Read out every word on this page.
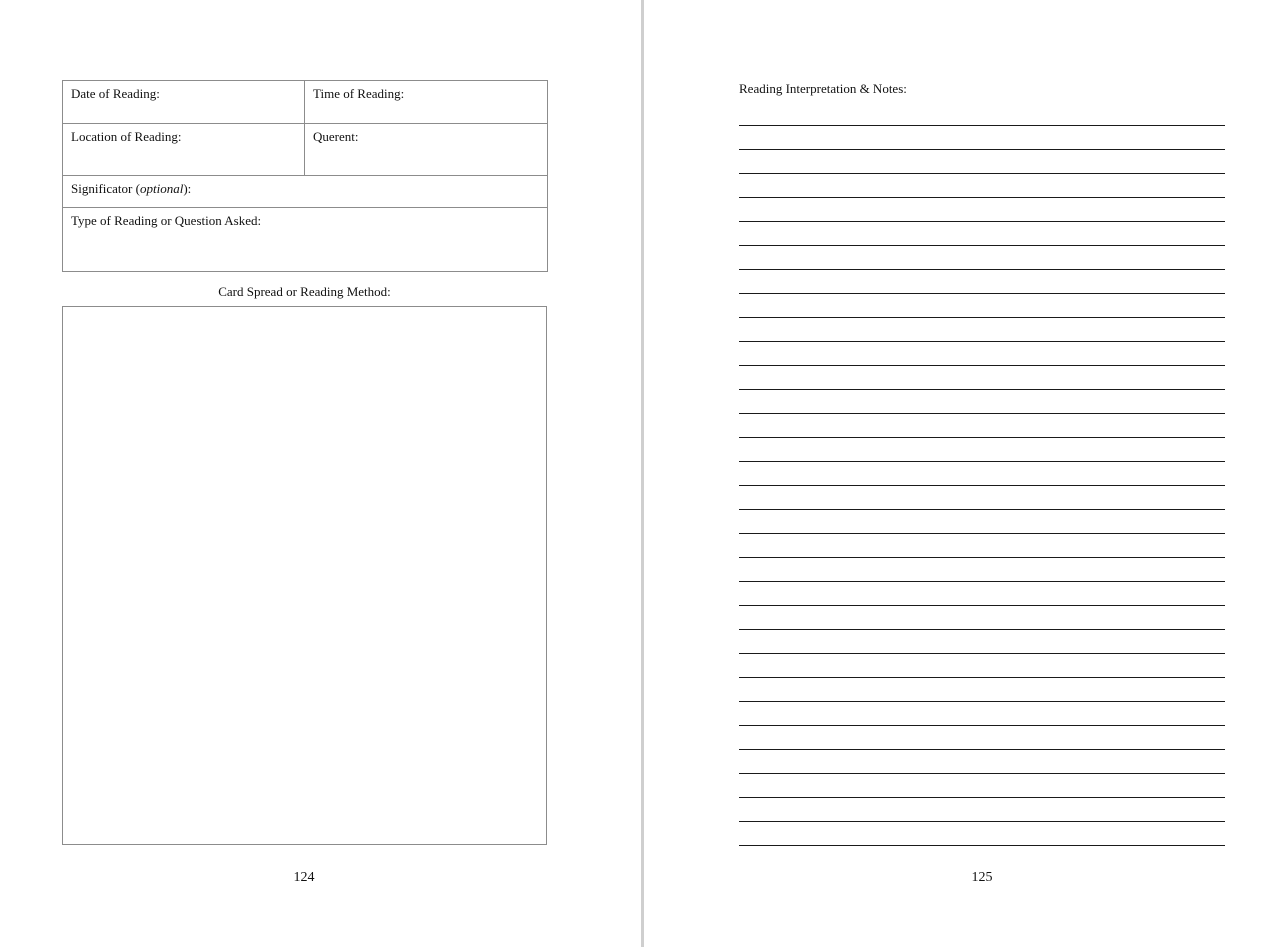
Date of Reading:	Time of Reading:
Location of Reading:	Querent:
Significator (optional):	
Type of Reading or Question Asked:	
Card Spread or Reading Method:
124
Reading Interpretation & Notes:
125
